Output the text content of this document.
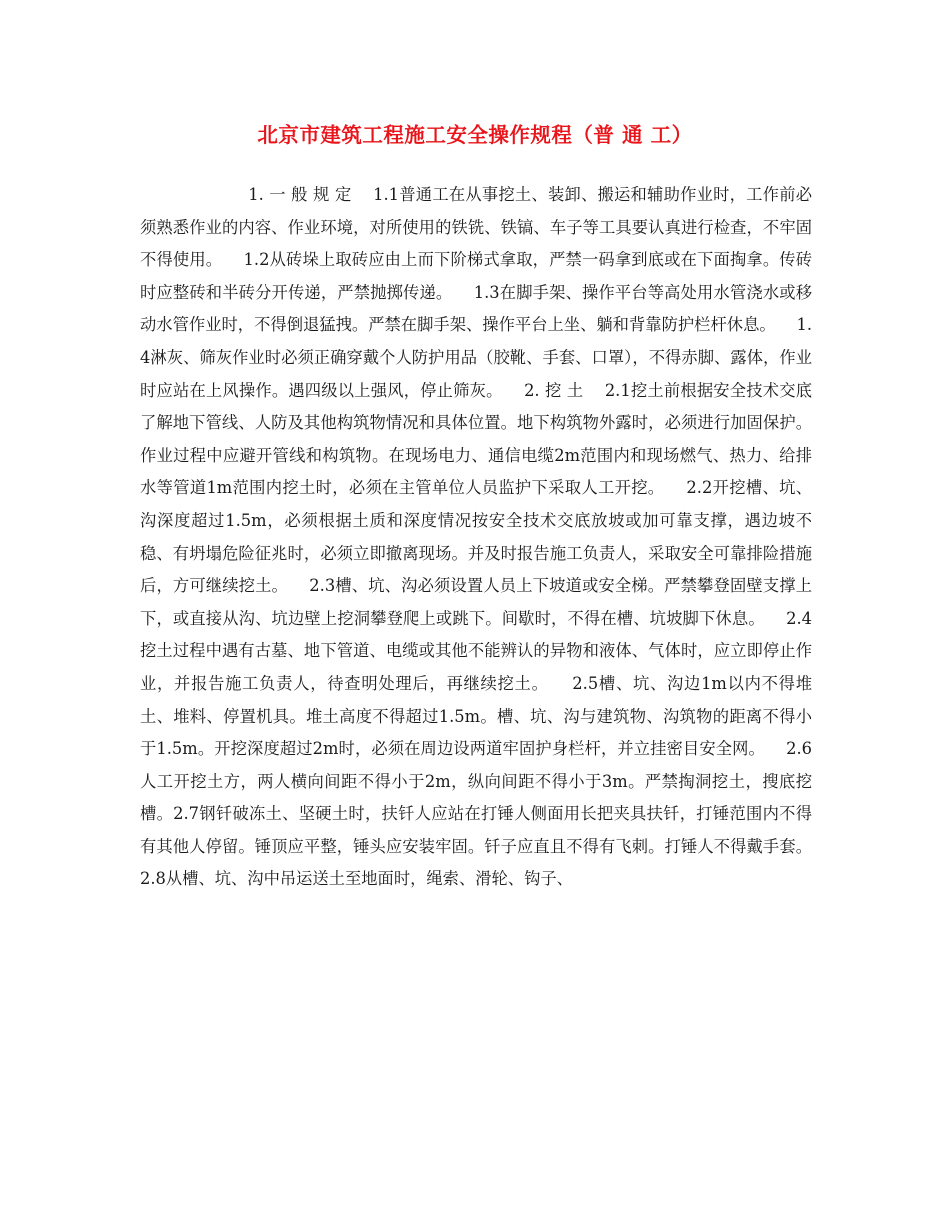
北京市建筑工程施工安全操作规程（普 通 工）
1. 一 般 规 定    1.1普通工在从事挖土、装卸、搬运和辅助作业时，工作前必须熟悉作业的内容、作业环境，对所使用的铁铣、铁镐、车子等工具要认真进行检查，不牢固不得使用。    1.2从砖垛上取砖应由上而下阶梯式拿取，严禁一码拿到底或在下面掏拿。传砖时应整砖和半砖分开传递，严禁抛掷传递。    1.3在脚手架、操作平台等高处用水管浇水或移动水管作业时，不得倒退猛拽。严禁在脚手架、操作平台上坐、躺和背靠防护栏杆休息。    1.4淋灰、筛灰作业时必须正确穿戴个人防护用品（胶靴、手套、口罩），不得赤脚、露体，作业时应站在上风操作。遇四级以上强风，停止筛灰。    2. 挖 土    2.1挖土前根据安全技术交底了解地下管线、人防及其他构筑物情况和具体位置。地下构筑物外露时，必须进行加固保护。作业过程中应避开管线和构筑物。在现场电力、通信电缆2m范围内和现场燃气、热力、给排水等管道1m范围内挖土时，必须在主管单位人员监护下采取人工开挖。    2.2开挖槽、坑、沟深度超过1.5m，必须根据土质和深度情况按安全技术交底放坡或加可靠支撑，遇边坡不稳、有坍塌危险征兆时，必须立即撤离现场。并及时报告施工负责人，采取安全可靠排险措施后，方可继续挖土。    2.3槽、坑、沟必须设置人员上下坡道或安全梯。严禁攀登固壁支撑上下，或直接从沟、坑边壁上挖洞攀登爬上或跳下。间歇时，不得在槽、坑坡脚下休息。    2.4挖土过程中遇有古墓、地下管道、电缆或其他不能辨认的异物和液体、气体时，应立即停止作业，并报告施工负责人，待查明处理后，再继续挖土。    2.5槽、坑、沟边1m以内不得堆土、堆料、停置机具。堆土高度不得超过1.5m。槽、坑、沟与建筑物、沟筑物的距离不得小于1.5m。开挖深度超过2m时，必须在周边设两道牢固护身栏杆，并立挂密目安全网。    2.6人工开挖土方，两人横向间距不得小于2m，纵向间距不得小于3m。严禁掏洞挖土，搜底挖槽。2.7钢钎破冻土、坚硬土时，扶钎人应站在打锤人侧面用长把夹具扶钎，打锤范围内不得有其他人停留。锤顶应平整，锤头应安装牢固。钎子应直且不得有飞刺。打锤人不得戴手套。    2.8从槽、坑、沟中吊运送土至地面时，绳索、滑轮、钩子、
